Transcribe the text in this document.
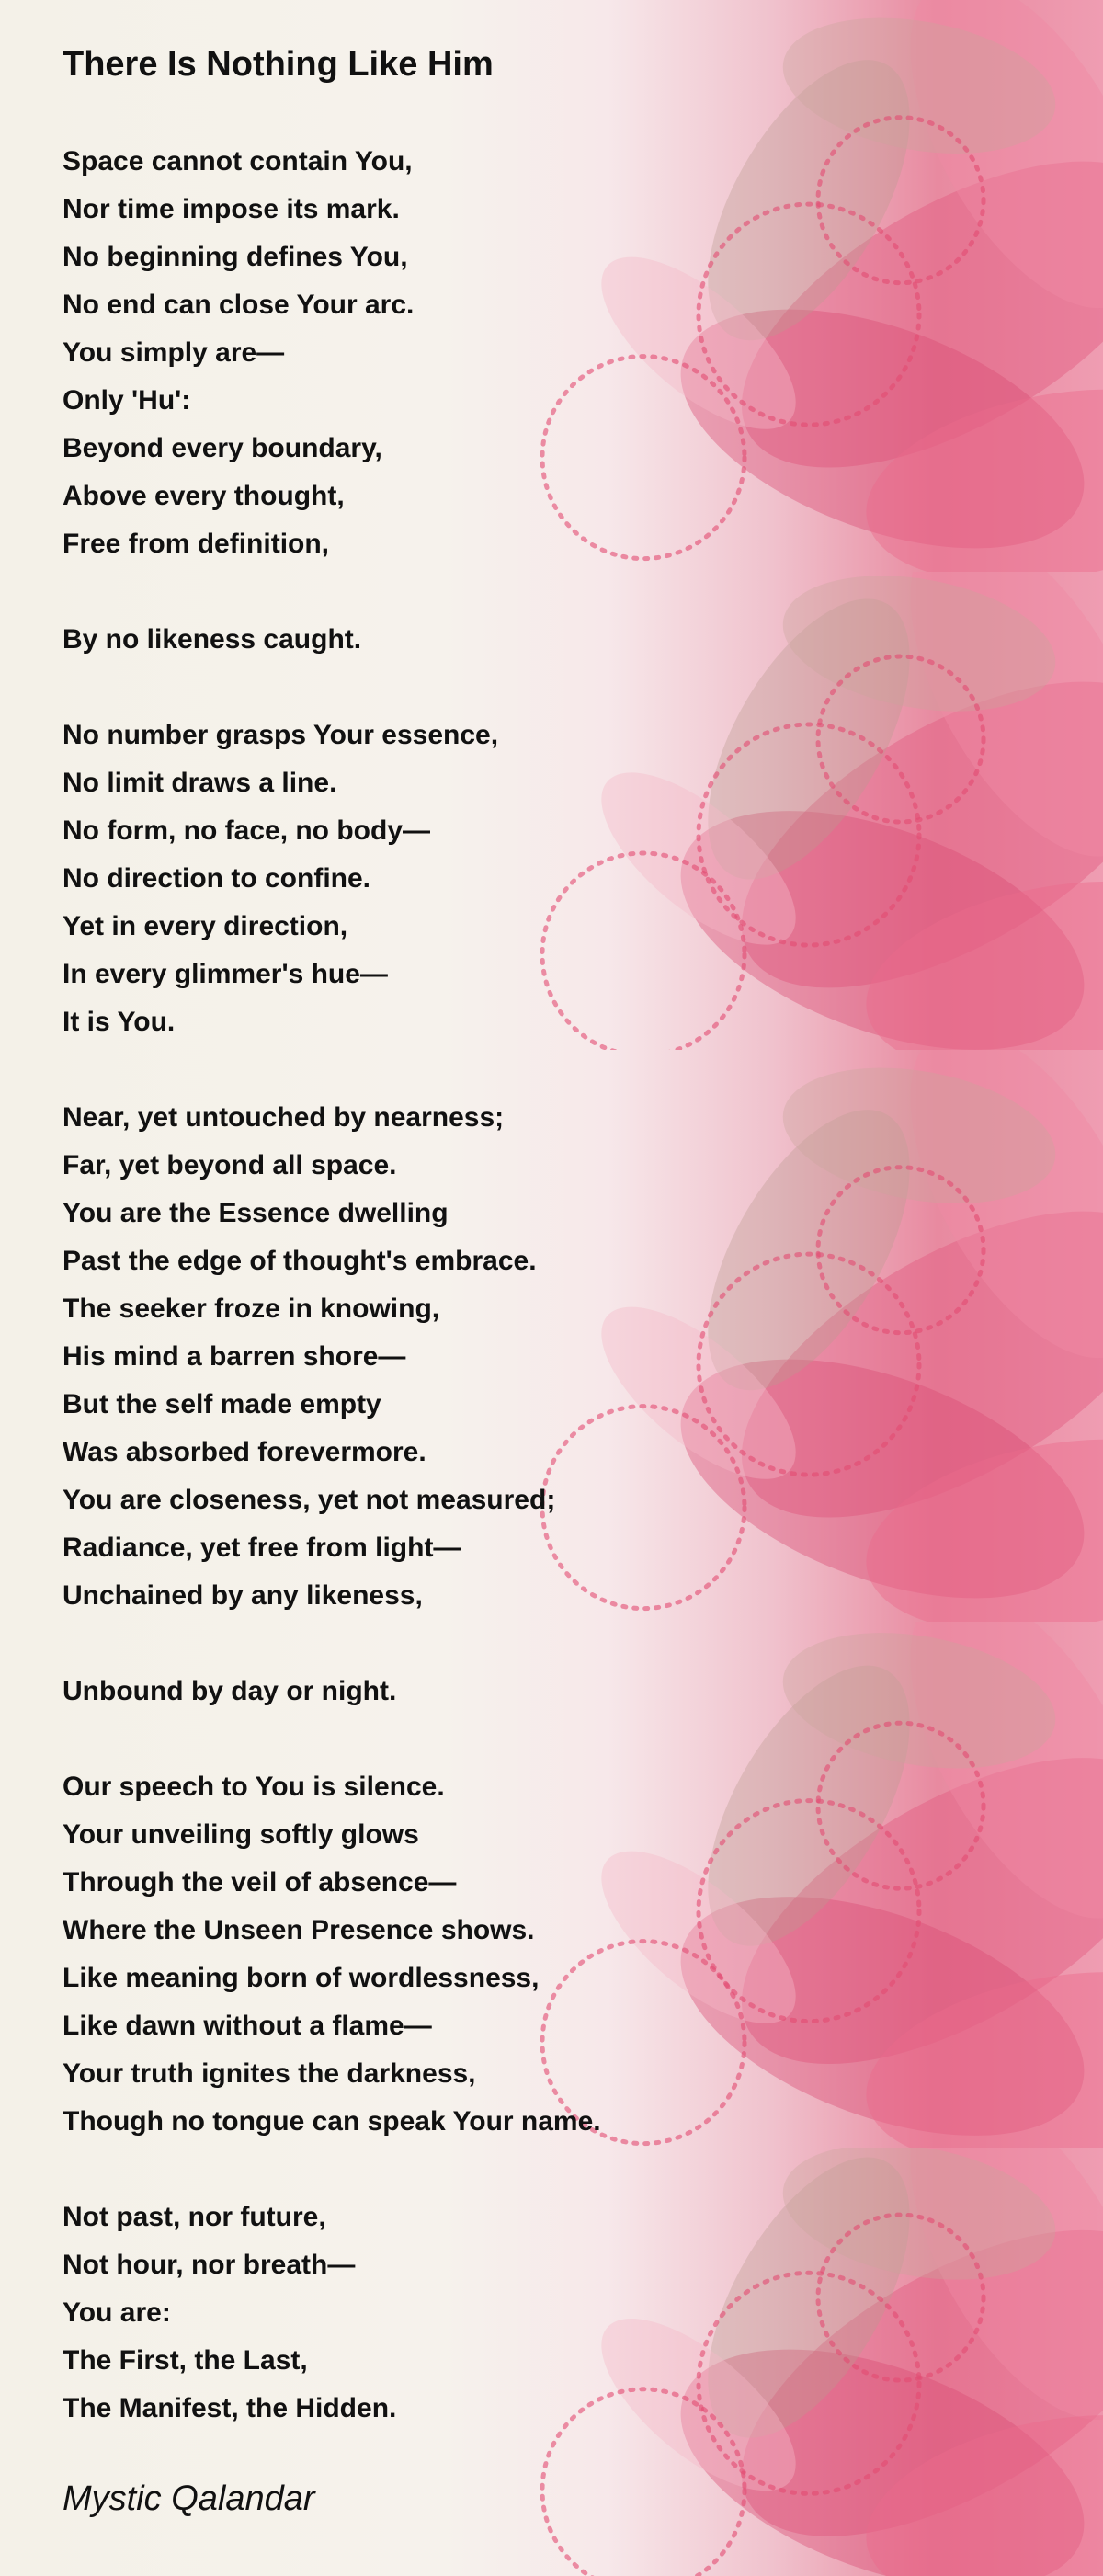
There Is Nothing Like Him
Space cannot contain You,
Nor time impose its mark.
No beginning defines You,
No end can close Your arc.
You simply are—
Only 'Hu':
Beyond every boundary,
Above every thought,
Free from definition,
By no likeness caught.
No number grasps Your essence,
No limit draws a line.
No form, no face, no body—
No direction to confine.
Yet in every direction,
In every glimmer's hue—
It is You.
Near, yet untouched by nearness;
Far, yet beyond all space.
You are the Essence dwelling
Past the edge of thought's embrace.
The seeker froze in knowing,
His mind a barren shore—
But the self made empty
Was absorbed forevermore.
You are closeness, yet not measured;
Radiance, yet free from light—
Unchained by any likeness,
Unbound by day or night.
Our speech to You is silence.
Your unveiling softly glows
Through the veil of absence—
Where the Unseen Presence shows.
Like meaning born of wordlessness,
Like dawn without a flame—
Your truth ignites the darkness,
Though no tongue can speak Your name.
Not past, nor future,
Not hour, nor breath—
You are:
The First, the Last,
The Manifest, the Hidden.

Mystic Qalandar
